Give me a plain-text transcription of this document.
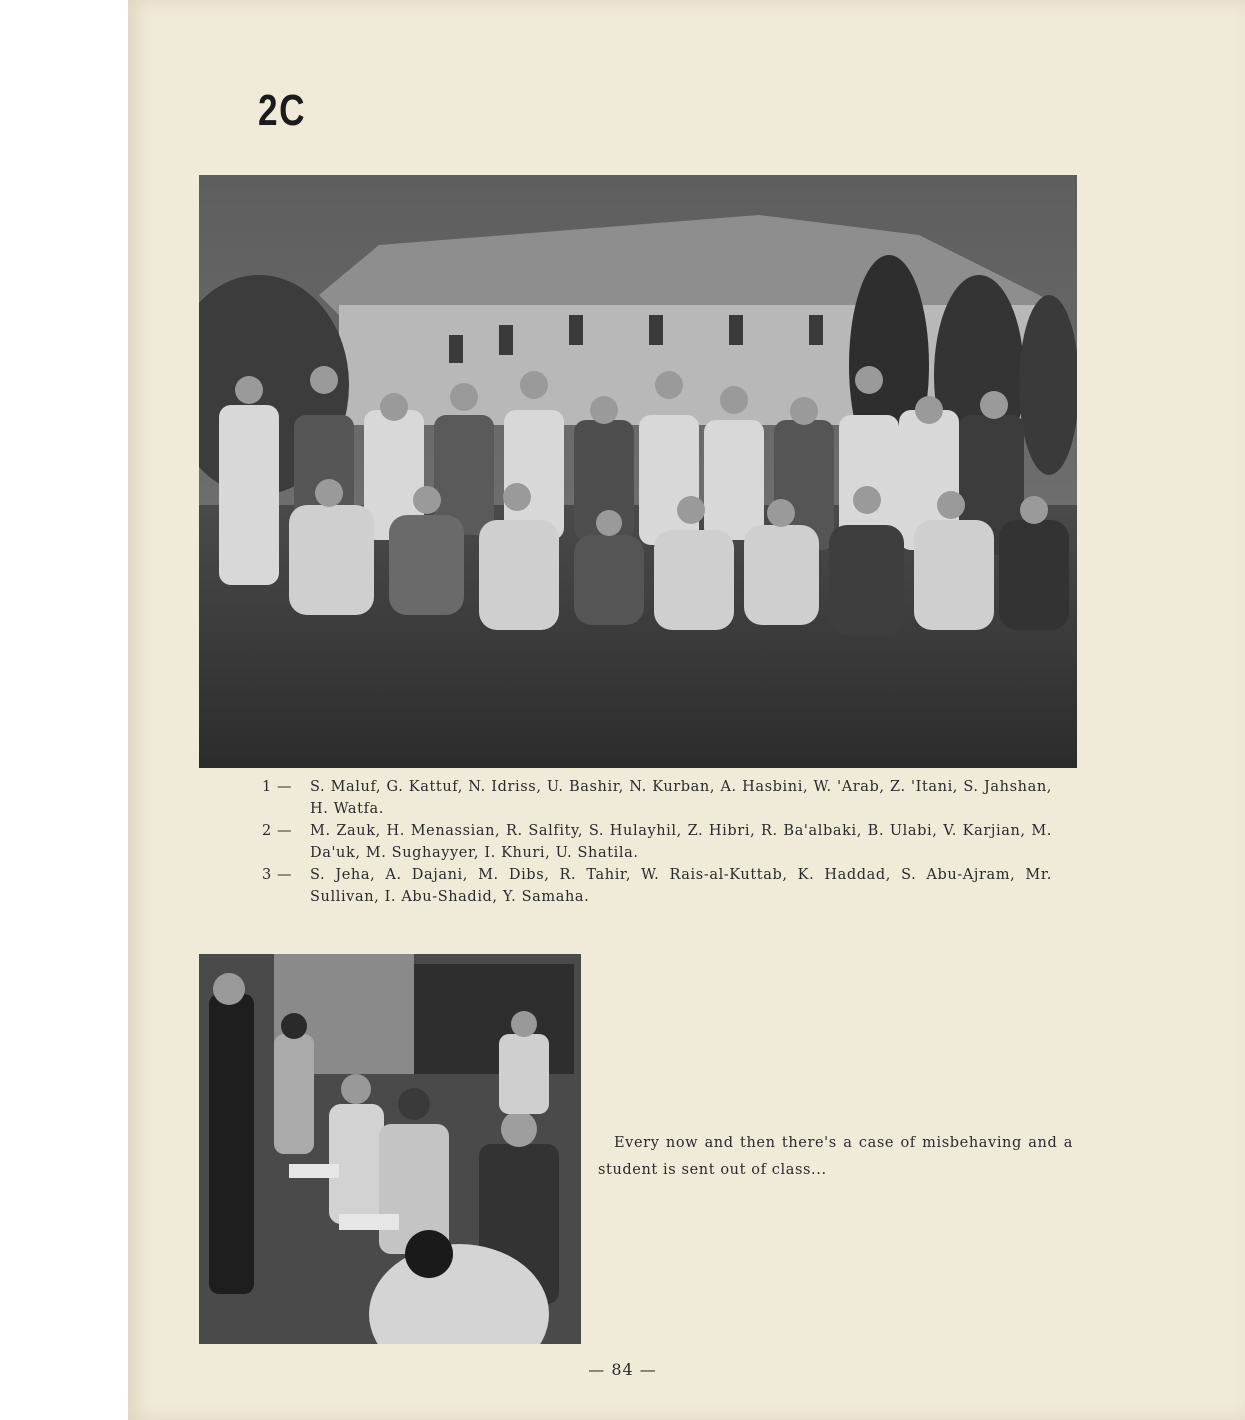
2C
1 —	S. Maluf, G. Kattuf, N. Idriss, U. Bashir, N. Kurban, A. Hasbini, W. 'Arab, Z. 'Itani, S. Jahshan, H. Watfa.
2 —	M. Zauk, H. Menassian, R. Salfity, S. Hulayhil, Z. Hibri, R. Ba'albaki, B. Ulabi, V. Karjian, M. Da'uk, M. Sughayyer, I. Khuri, U. Shatila.
3 —	S. Jeha, A. Dajani, M. Dibs, R. Tahir, W. Rais-al-Kuttab, K. Haddad, S. Abu-Ajram, Mr. Sullivan, I. Abu-Shadid, Y. Samaha.
Every now and then there's a case of misbehaving and a student is sent out of class...
— 84 —
